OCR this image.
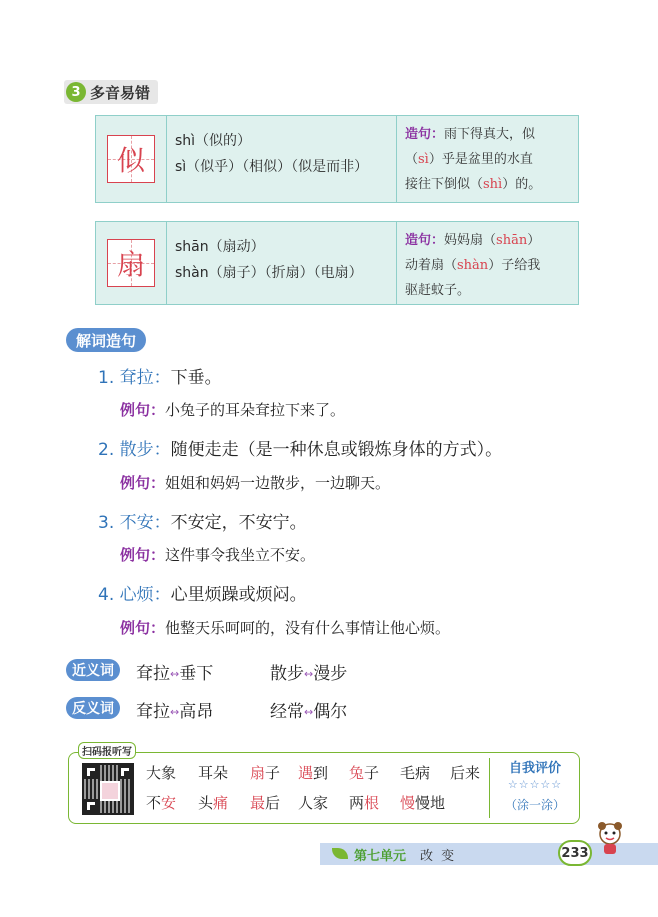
3 多音易错
似
shì（似的）
sì（似乎）（相似）（似是而非）
造句：雨下得真大，似
（sì）乎是盆里的水直
接往下倒似（shì）的。
扇
shān（扇动）
shàn（扇子）（折扇）（电扇）
造句：妈妈扇（shān）
动着扇（shàn）子给我
驱赶蚊子。
解词造句
1. 耷拉：下垂。
例句：小兔子的耳朵耷拉下来了。
2. 散步：随便走走（是一种休息或锻炼身体的方式）。
例句：姐姐和妈妈一边散步，一边聊天。
3. 不安：不安定，不安宁。
例句：这件事令我坐立不安。
4. 心烦：心里烦躁或烦闷。
例句：他整天乐呵呵的，没有什么事情让他心烦。
近义词	耷拉↔垂下	散步↔漫步
反义词	耷拉↔高昂	经常↔偶尔
扫码报听写
自我评价
☆☆☆☆☆
（涂一涂）
第七单元 改 变	233
大象 耳朵 扇子 遇到 兔子 毛病 后来
不安 头痛 最后 人家 两根 慢慢地
